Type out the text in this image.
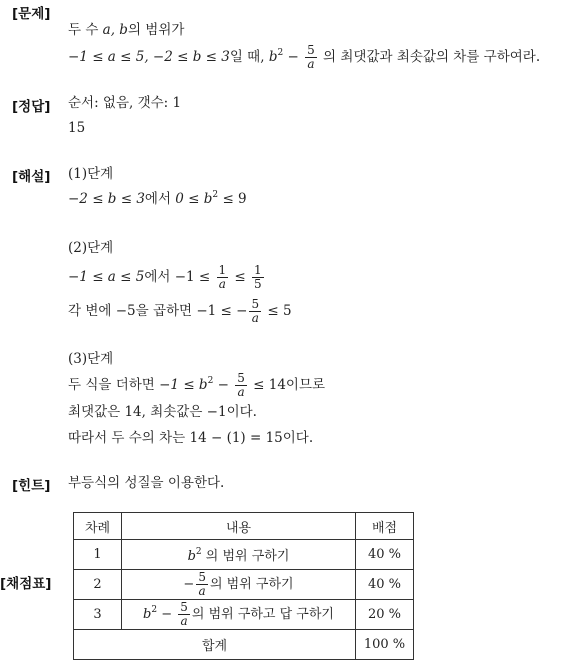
[문제]
[정답]
[해설]
[힌트]
[채점표]
두 수 a, b의 범위가
−1 ≤ a ≤ 5, −2 ≤ b ≤ 3일 때, $b^2 - \frac{5}{a}$ 의 최댓값과 최솟값의 차를 구하여라.
순서: 없음, 갯수: 1
15
(1)단계
−2 ≤ b ≤ 3에서 $0 \le b^2 \le 9$
(2)단계
−1 ≤ a ≤ 5에서 $-1 \le \frac{1}{a} \le \frac{1}{5}$
각 변에 −5을 곱하면 −1 ≤ − $\frac{5}{a} \le 5$
(3)단계
두 식을 더하면 $-1 \le b^2 - \frac{5}{a} \le 14$이므로
최댓값은 14, 최솟값은 −1이다.
따라서 두 수의 차는 14 − (1) = 15이다.
부등식의 성질을 이용한다.
차례	내용	배점
1	$b^2$ 의 범위 구하기	40 %
2	− $\frac{5}{a}$ 의 범위 구하기	40 %
3	$b^2 - \frac{5}{a}$ 의 범위 구하고 답 구하기	20 %
합계		100 %
